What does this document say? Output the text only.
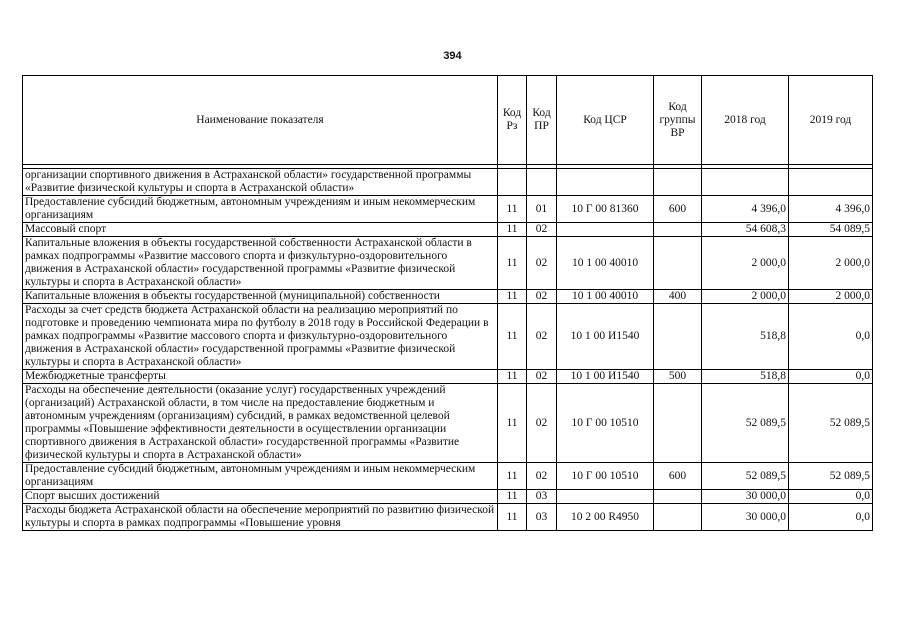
394
Наименование показателя	Код Рз	Код ПР	Код ЦСР	Код группы ВР	2018 год	2019 год

организации спортивного движения в Астраханской области» государственной программы «Развитие физической культуры и спорта в Астраханской области»						
Предоставление субсидий бюджетным, автономным учреждениям и иным некоммерческим организациям	11	01	10 Г 00 81360	600	4 396,0	4 396,0
Массовый спорт	11	02			54 608,3	54 089,5
Капитальные вложения в объекты государственной собственности Астраханской области в рамках подпрограммы «Развитие массового спорта и физкультурно-оздоровительного движения в Астраханской области» государственной программы «Развитие физической культуры и спорта в Астраханской области»	11	02	10 1 00 40010		2 000,0	2 000,0
Капитальные вложения в объекты государственной (муниципальной) собственности	11	02	10 1 00 40010	400	2 000,0	2 000,0
Расходы за счет средств бюджета Астраханской области на реализацию мероприятий по подготовке и проведению чемпионата мира по футболу в 2018 году в Российской Федерации в рамках подпрограммы «Развитие массового спорта и физкультурно-оздоровительного движения в Астраханской области» государственной программы «Развитие физической культуры и спорта в Астраханской области»	11	02	10 1 00 И1540		518,8	0,0
Межбюджетные трансферты	11	02	10 1 00 И1540	500	518,8	0,0
Расходы на обеспечение деятельности (оказание услуг) государственных учреждений (организаций) Астраханской области, в том числе на предоставление бюджетным и автономным учреждениям (организациям) субсидий, в рамках ведомственной целевой программы «Повышение эффективности деятельности в осуществлении организации спортивного движения в Астраханской области» государственной программы «Развитие физической культуры и спорта в Астраханской области»	11	02	10 Г 00 10510		52 089,5	52 089,5
Предоставление субсидий бюджетным, автономным учреждениям и иным некоммерческим организациям	11	02	10 Г 00 10510	600	52 089,5	52 089,5
Спорт высших достижений	11	03			30 000,0	0,0
Расходы бюджета Астраханской области на обеспечение мероприятий по развитию физической культуры и спорта в рамках подпрограммы «Повышение уровня	11	03	10 2 00 R4950		30 000,0	0,0
